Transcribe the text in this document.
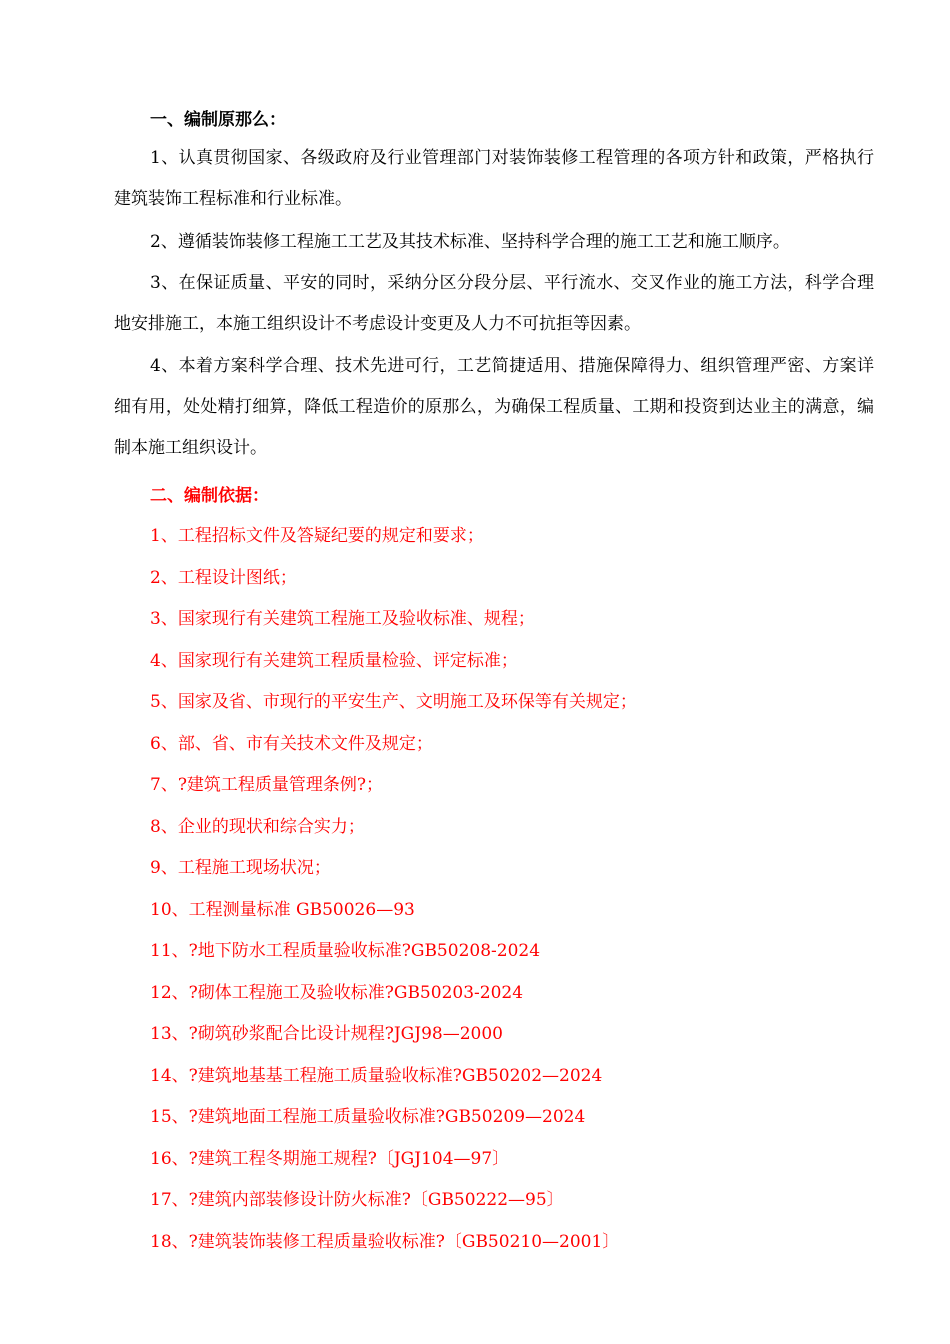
一、编制原那么：
1、认真贯彻国家、各级政府及行业管理部门对装饰装修工程管理的各项方针和政策，严格执行建筑装饰工程标准和行业标准。
2、遵循装饰装修工程施工工艺及其技术标准、坚持科学合理的施工工艺和施工顺序。
3、在保证质量、平安的同时，采纳分区分段分层、平行流水、交叉作业的施工方法，科学合理地安排施工，本施工组织设计不考虑设计变更及人力不可抗拒等因素。
4、本着方案科学合理、技术先进可行，工艺简捷适用、措施保障得力、组织管理严密、方案详细有用，处处精打细算，降低工程造价的原那么，为确保工程质量、工期和投资到达业主的满意，编制本施工组织设计。
二、编制依据：
1、工程招标文件及答疑纪要的规定和要求；
2、工程设计图纸；
3、国家现行有关建筑工程施工及验收标准、规程；
4、国家现行有关建筑工程质量检验、评定标准；
5、国家及省、市现行的平安生产、文明施工及环保等有关规定；
6、部、省、市有关技术文件及规定；
7、?建筑工程质量管理条例?；
8、企业的现状和综合实力；
9、工程施工现场状况；
10、工程测量标准 GB50026—93
11、?地下防水工程质量验收标准?GB50208-2024
12、?砌体工程施工及验收标准?GB50203-2024
13、?砌筑砂浆配合比设计规程?JGJ98—2000
14、?建筑地基基工程施工质量验收标准?GB50202—2024
15、?建筑地面工程施工质量验收标准?GB50209—2024
16、?建筑工程冬期施工规程?〔JGJ104—97〕
17、?建筑内部装修设计防火标准?〔GB50222—95〕
18、?建筑装饰装修工程质量验收标准?〔GB50210—2001〕
